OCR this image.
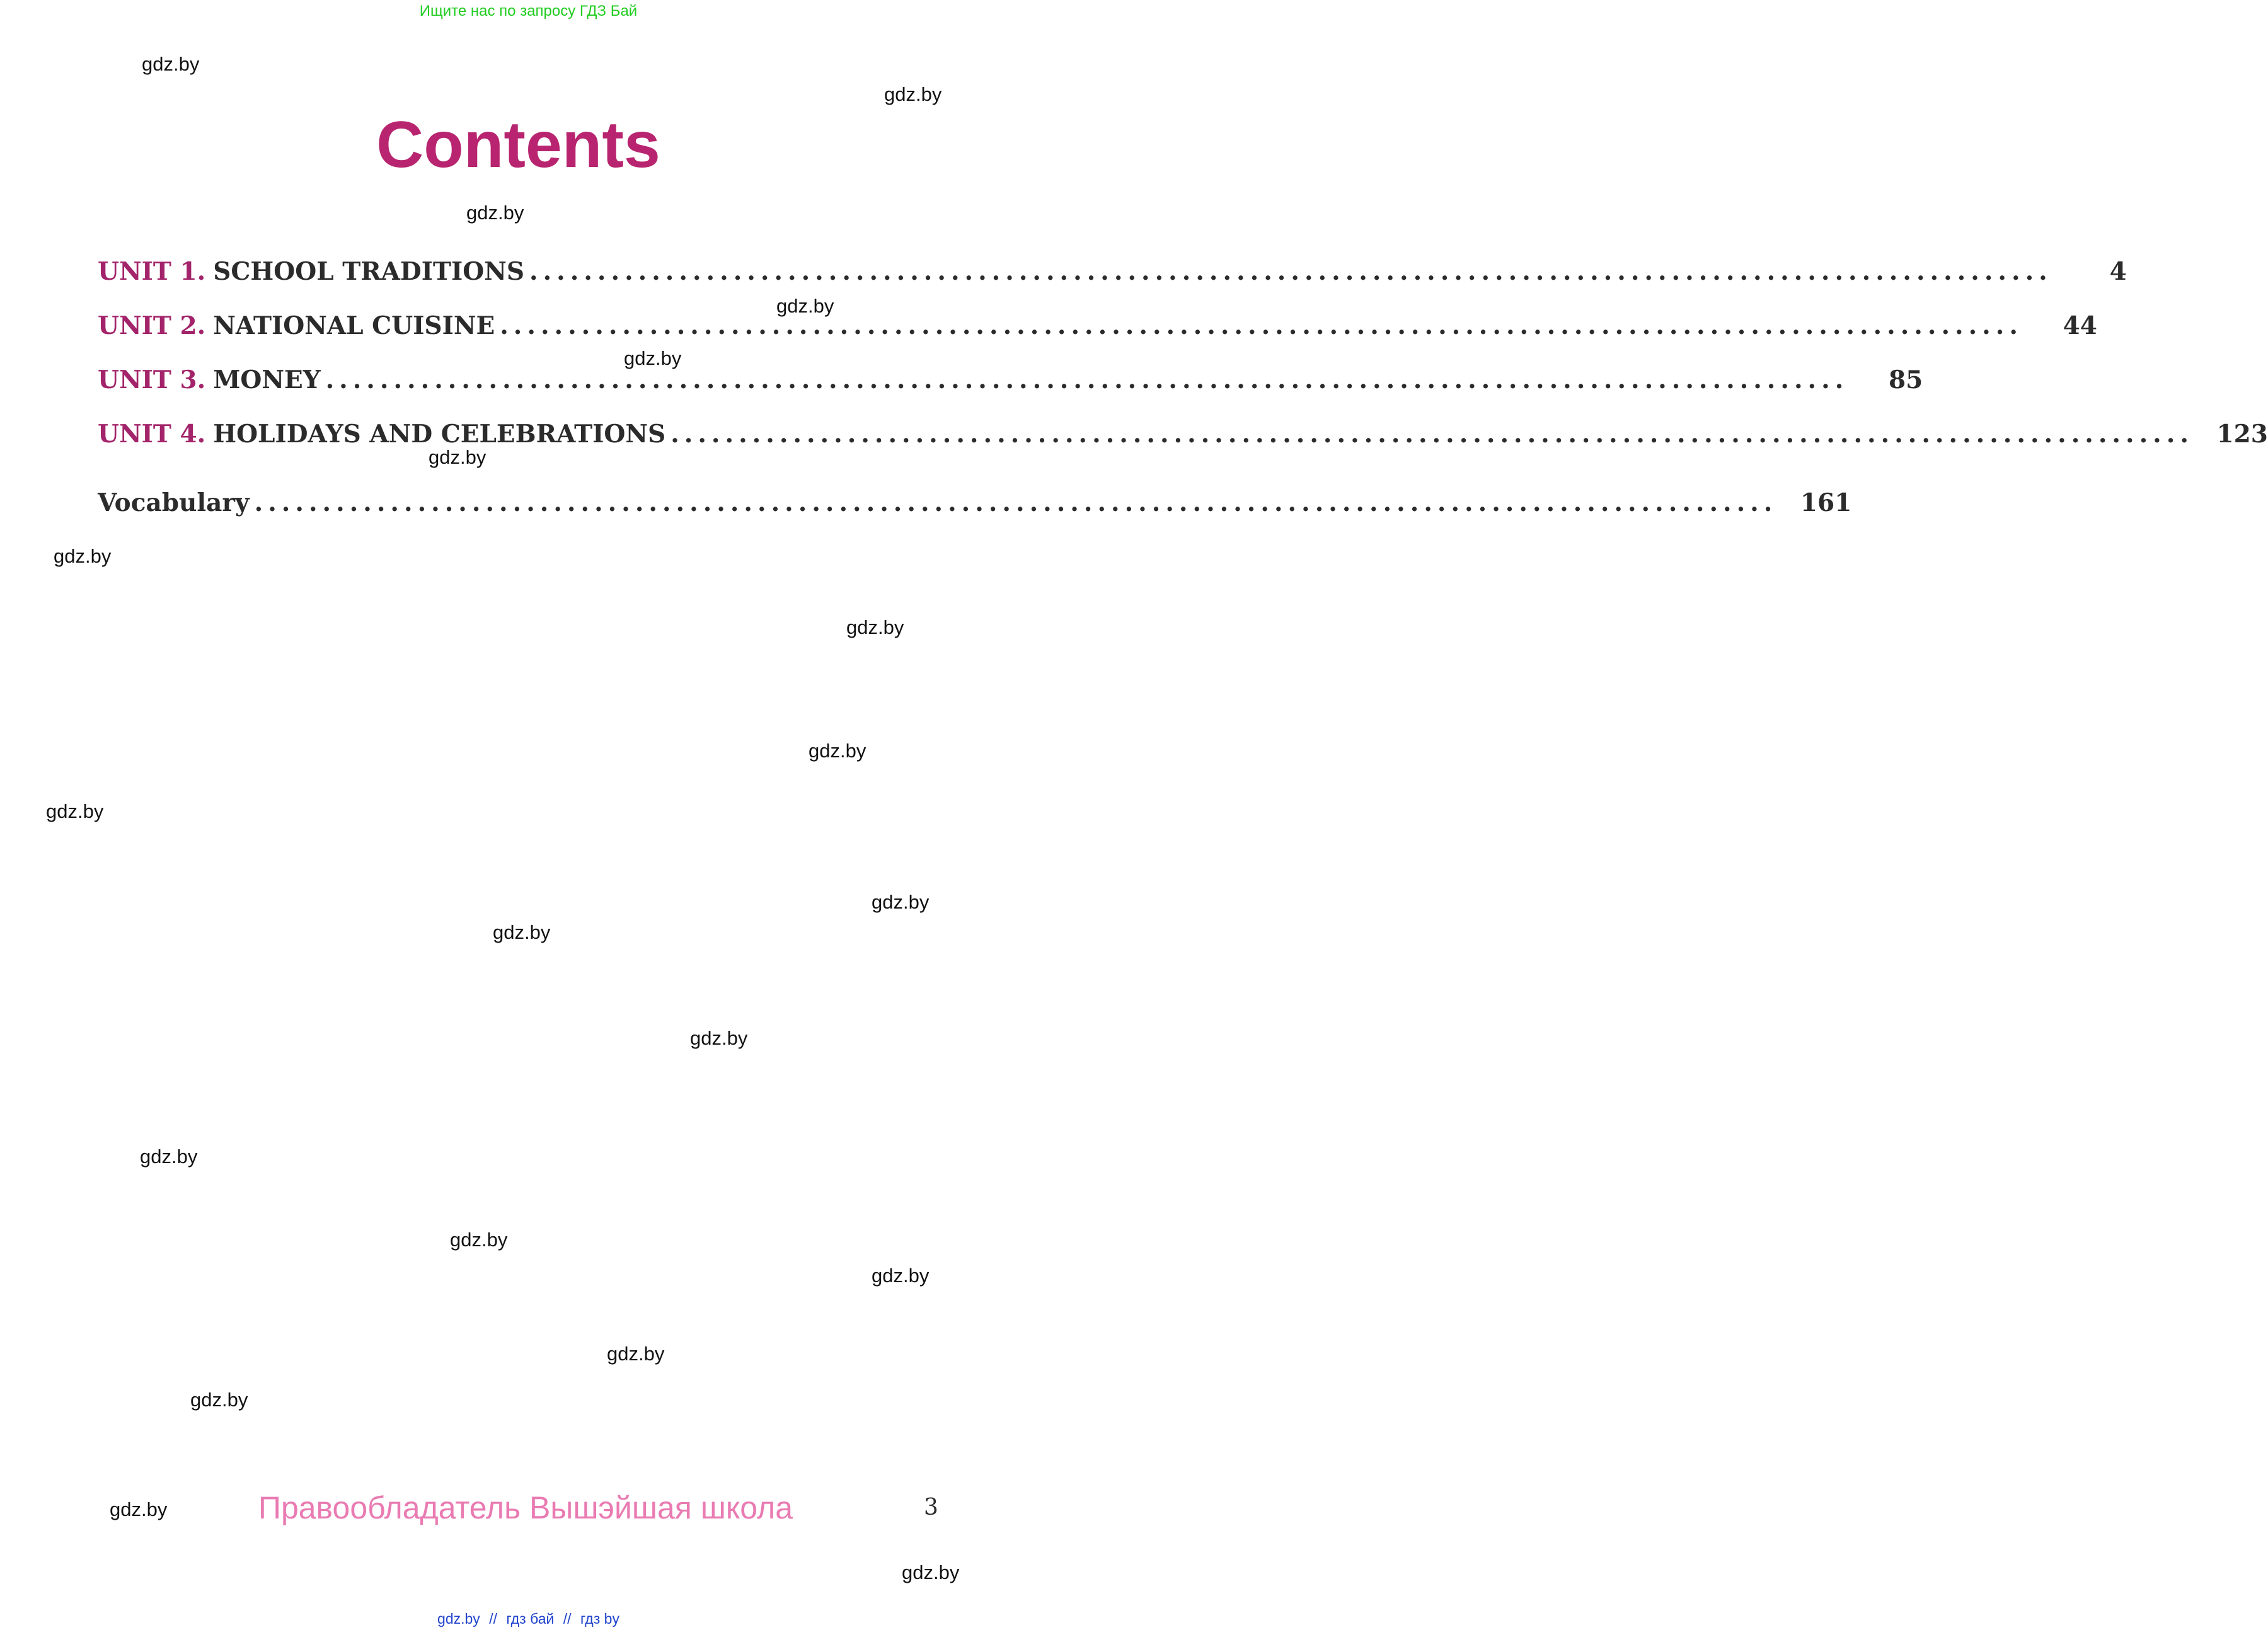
Ищите нас по запросу ГДЗ Бай
Contents
UNIT 1. SCHOOL TRADITIONS ................................................................................................................	4
UNIT 2. NATIONAL CUISINE ................................................................................................................	44
UNIT 3. MONEY ................................................................................................................	85
UNIT 4. HOLIDAYS AND CELEBRATIONS ................................................................................................................ 123
Vocabulary ................................................................................................................ 161
gdz.by
gdz.by
gdz.by
gdz.by
gdz.by
gdz.by
gdz.by
gdz.by
gdz.by
gdz.by
gdz.by
gdz.by
gdz.by
gdz.by
gdz.by
gdz.by
gdz.by
gdz.by
gdz.by
gdz.by
Правообладатель Вышэйшая школа	3
gdz.by // гдз бай // гдз by
